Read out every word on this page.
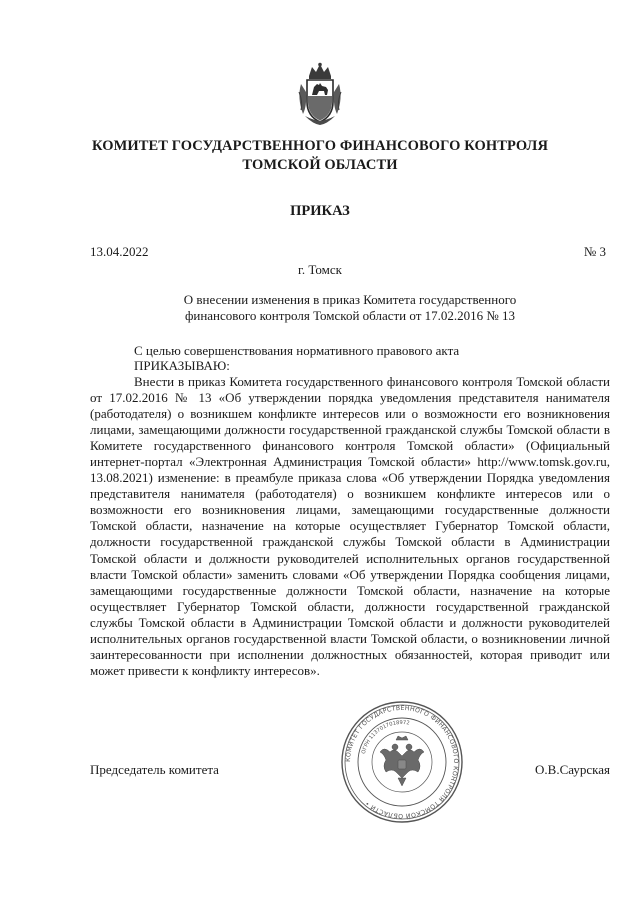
КОМИТЕТ ГОСУДАРСТВЕННОГО ФИНАНСОВОГО КОНТРОЛЯ
ТОМСКОЙ ОБЛАСТИ
ПРИКАЗ
13.04.2022	№ 3
г. Томск
О внесении изменения в приказ Комитета государственного
финансового контроля Томской области от 17.02.2016 № 13
С целью совершенствования нормативного правового акта
ПРИКАЗЫВАЮ:
Внести в приказ Комитета государственного финансового контроля Томской области от 17.02.2016 № 13 «Об утверждении порядка уведомления представителя нанимателя (работодателя) о возникшем конфликте интересов или о возможности его возникновения лицами, замещающими должности государственной гражданской службы Томской области в Комитете государственного финансового контроля Томской области» (Официальный интернет-портал «Электронная Администрация Томской области» http://www.tomsk.gov.ru, 13.08.2021) изменение: в преамбуле приказа слова «Об утверждении Порядка уведомления представителя нанимателя (работодателя) о возникшем конфликте интересов или о возможности его возникновения лицами, замещающими государственные должности Томской области, назначение на которые осуществляет Губернатор Томской области, должности государственной гражданской службы Томской области в Администрации Томской области и должности руководителей исполнительных органов государственной власти Томской области» заменить словами «Об утверждении Порядка сообщения лицами, замещающими государственные должности Томской области, назначение на которые осуществляет Губернатор Томской области, должности государственной гражданской службы Томской области в Администрации Томской области и должности руководителей исполнительных органов государственной власти Томской области, о возникновении личной заинтересованности при исполнении должностных обязанностей, которая приводит или может привести к конфликту интересов».
Председатель комитета	О.В.Саурская
КОМИТЕТ ГОСУДАРСТВЕННОГО ФИНАНСОВОГО КОНТРОЛЯ ТОМСКОЙ ОБЛАСТИ •
ОГРН 1137017018972
